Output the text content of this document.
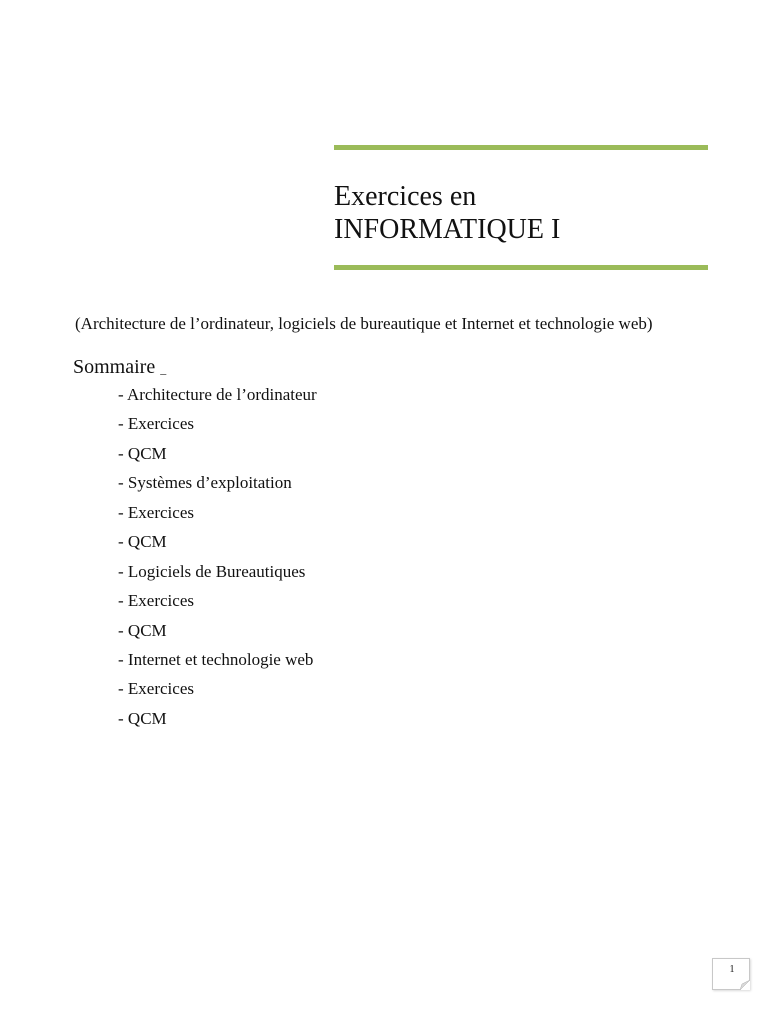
Exercices en
INFORMATIQUE I
(Architecture de l’ordinateur, logiciels de bureautique et Internet et technologie web)
Sommaire _
- Architecture de l’ordinateur
- Exercices
- QCM
- Systèmes d’exploitation
- Exercices
- QCM
- Logiciels de Bureautiques
- Exercices
- QCM
- Internet et technologie web
- Exercices
- QCM
1
